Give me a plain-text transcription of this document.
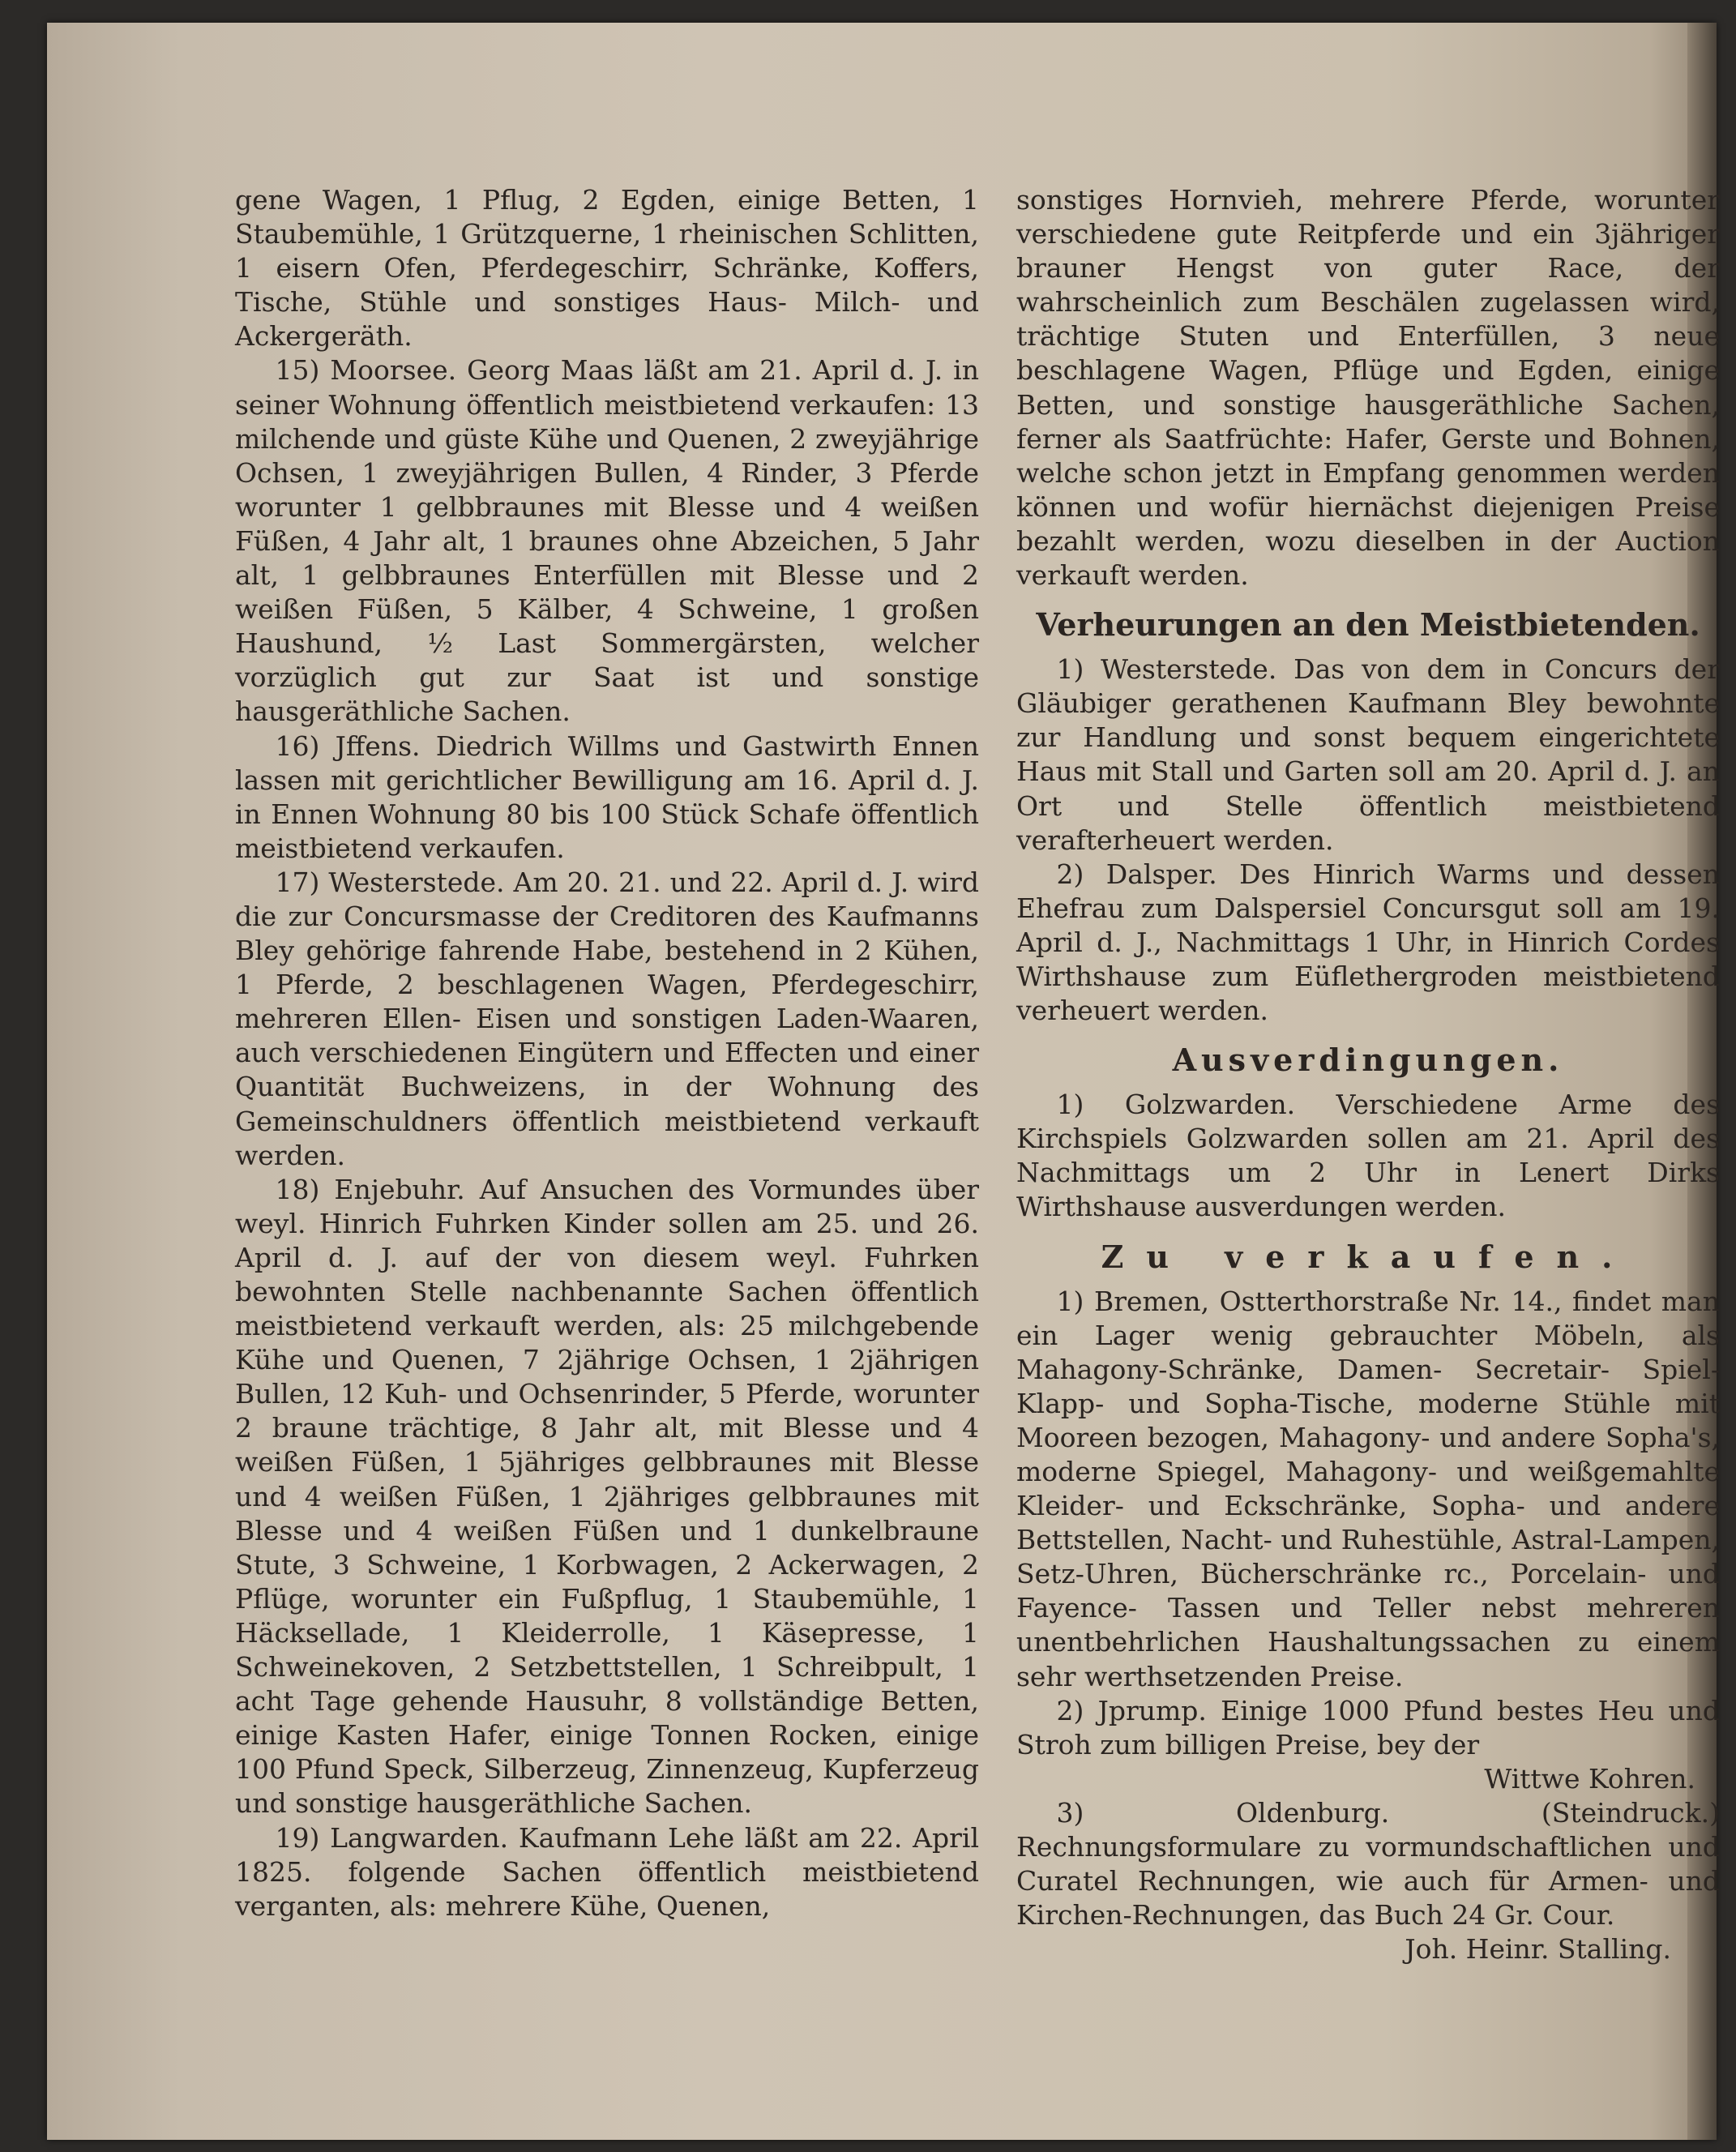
gene Wagen, 1 Pflug, 2 Egden, einige Betten, 1 Staubemühle, 1 Grützquerne, 1 rheinischen Schlitten, 1 eisern Ofen, Pferdegeschirr, Schränke, Koffers, Tische, Stühle und sonstiges Haus- Milch- und Ackergeräth.

15) Moorsee. Georg Maas läßt am 21. April d. J. in seiner Wohnung öffentlich meistbietend verkaufen: 13 milchende und güste Kühe und Quenen, 2 zweyjährige Ochsen, 1 zweyjährigen Bullen, 4 Rinder, 3 Pferde worunter 1 gelbbraunes mit Blesse und 4 weißen Füßen, 4 Jahr alt, 1 braunes ohne Abzeichen, 5 Jahr alt, 1 gelbbraunes Enterfüllen mit Blesse und 2 weißen Füßen, 5 Kälber, 4 Schweine, 1 großen Haushund, ½ Last Sommergärsten, welcher vorzüglich gut zur Saat ist und sonstige hausgeräthliche Sachen.

16) Jffens. Diedrich Willms und Gastwirth Ennen lassen mit gerichtlicher Bewilligung am 16. April d. J. in Ennen Wohnung 80 bis 100 Stück Schafe öffentlich meistbietend verkaufen.

17) Westerstede. Am 20. 21. und 22. April d. J. wird die zur Concursmasse der Creditoren des Kaufmanns Bley gehörige fahrende Habe, bestehend in 2 Kühen, 1 Pferde, 2 beschlagenen Wagen, Pferdegeschirr, mehreren Ellen- Eisen und sonstigen Laden-Waaren, auch verschiedenen Eingütern und Effecten und einer Quantität Buchweizens, in der Wohnung des Gemeinschuldners öffentlich meistbietend verkauft werden.

18) Enjebuhr. Auf Ansuchen des Vormundes über weyl. Hinrich Fuhrken Kinder sollen am 25. und 26. April d. J. auf der von diesem weyl. Fuhrken bewohnten Stelle nachbenannte Sachen öffentlich meistbietend verkauft werden, als: 25 milchgebende Kühe und Quenen, 7 2jährige Ochsen, 1 2jährigen Bullen, 12 Kuh- und Ochsenrinder, 5 Pferde, worunter 2 braune trächtige, 8 Jahr alt, mit Blesse und 4 weißen Füßen, 1 5jähriges gelbbraunes mit Blesse und 4 weißen Füßen, 1 2jähriges gelbbraunes mit Blesse und 4 weißen Füßen und 1 dunkelbraune Stute, 3 Schweine, 1 Korbwagen, 2 Ackerwagen, 2 Pflüge, worunter ein Fußpflug, 1 Staubemühle, 1 Häcksellade, 1 Kleiderrolle, 1 Käsepresse, 1 Schweinekoven, 2 Setzbettstellen, 1 Schreibpult, 1 acht Tage gehende Hausuhr, 8 vollständige Betten, einige Kasten Hafer, einige Tonnen Rocken, einige 100 Pfund Speck, Silberzeug, Zinnenzeug, Kupferzeug und sonstige hausgeräthliche Sachen.

19) Langwarden. Kaufmann Lehe läßt am 22. April 1825. folgende Sachen öffentlich meistbietend verganten, als: mehrere Kühe, Quenen,

sonstiges Hornvieh, mehrere Pferde, worunter verschiedene gute Reitpferde und ein 3jähriger brauner Hengst von guter Race, der wahrscheinlich zum Beschälen zugelassen wird, trächtige Stuten und Enterfüllen, 3 neue beschlagene Wagen, Pflüge und Egden, einige Betten, und sonstige hausgeräthliche Sachen, ferner als Saatfrüchte: Hafer, Gerste und Bohnen, welche schon jetzt in Empfang genommen werden können und wofür hiernächst diejenigen Preise bezahlt werden, wozu dieselben in der Auction verkauft werden.

Verheurungen an den Meistbietenden.

1) Westerstede. Das von dem in Concurs der Gläubiger gerathenen Kaufmann Bley bewohnte zur Handlung und sonst bequem eingerichtete Haus mit Stall und Garten soll am 20. April d. J. an Ort und Stelle öffentlich meistbietend verafterheuert werden.

2) Dalsper. Des Hinrich Warms und dessen Ehefrau zum Dalspersiel Concursgut soll am 19. April d. J., Nachmittags 1 Uhr, in Hinrich Cordes Wirthshause zum Eüflethergroden meistbietend verheuert werden.

Ausverdingungen.

1) Golzwarden. Verschiedene Arme des Kirchspiels Golzwarden sollen am 21. April des Nachmittags um 2 Uhr in Lenert Dirks Wirthshause ausverdungen werden.

Zu verkaufen.

1) Bremen, Ostterthorstraße Nr. 14., findet man ein Lager wenig gebrauchter Möbeln, als Mahagony-Schränke, Damen- Secretair- Spiel- Klapp- und Sopha-Tische, moderne Stühle mit Mooreen bezogen, Mahagony- und andere Sopha's, moderne Spiegel, Mahagony- und weißgemahlte Kleider- und Eckschränke, Sopha- und andere Bettstellen, Nacht- und Ruhestühle, Astral-Lampen, Setz-Uhren, Bücherschränke rc., Porcelain- und Fayence- Tassen und Teller nebst mehreren unentbehrlichen Haushaltungssachen zu einem sehr werthsetzenden Preise.

2) Jprump. Einige 1000 Pfund bestes Heu und Stroh zum billigen Preise, bey der

Wittwe Kohren.

3) Oldenburg. (Steindruck.) Rechnungsformulare zu vormundschaftlichen und Curatel Rechnungen, wie auch für Armen- und Kirchen-Rechnungen, das Buch 24 Gr. Cour.

Joh. Heinr. Stalling.
